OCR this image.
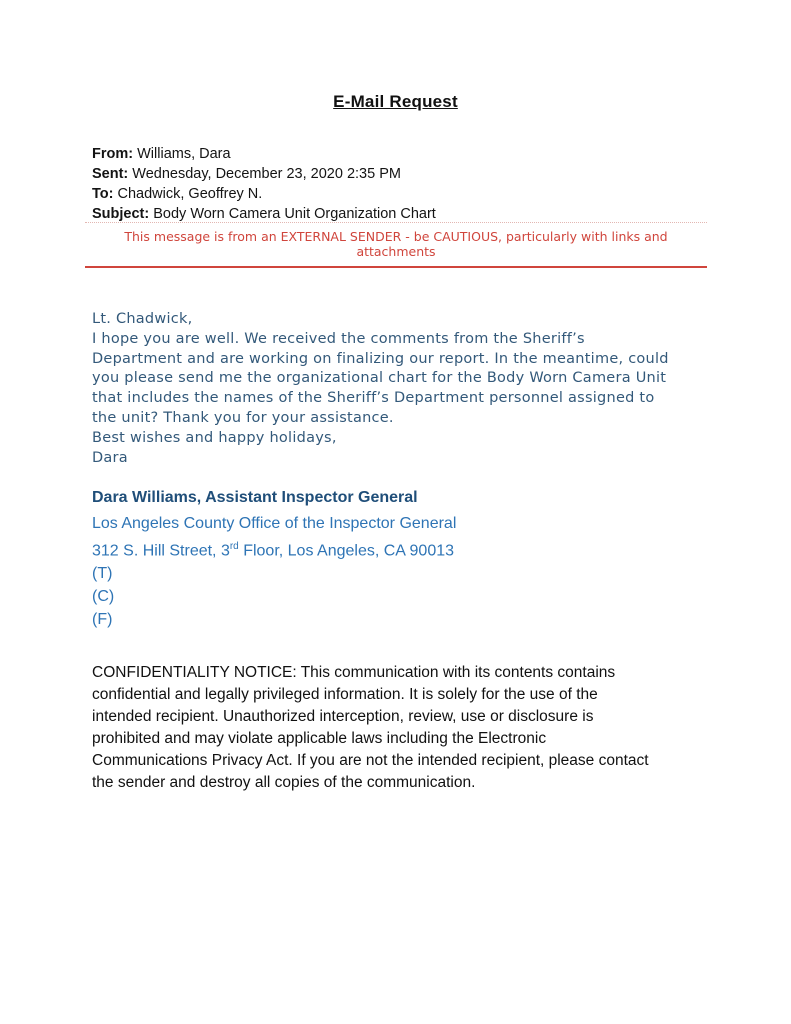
E-Mail Request
From: Williams, Dara
Sent: Wednesday, December 23, 2020 2:35 PM
To: Chadwick, Geoffrey N.
Subject: Body Worn Camera Unit Organization Chart
This message is from an EXTERNAL SENDER - be CAUTIOUS, particularly with links and attachments
Lt. Chadwick,
I hope you are well. We received the comments from the Sheriff’s
Department and are working on finalizing our report. In the meantime, could
you please send me the organizational chart for the Body Worn Camera Unit
that includes the names of the Sheriff’s Department personnel assigned to
the unit? Thank you for your assistance.
Best wishes and happy holidays,
Dara
Dara Williams, Assistant Inspector General
Los Angeles County Office of the Inspector General
312 S. Hill Street, 3rd Floor, Los Angeles, CA 90013
(T)
(C)
(F)
CONFIDENTIALITY NOTICE: This communication with its contents contains
confidential and legally privileged information. It is solely for the use of the
intended recipient. Unauthorized interception, review, use or disclosure is
prohibited and may violate applicable laws including the Electronic
Communications Privacy Act. If you are not the intended recipient, please contact
the sender and destroy all copies of the communication.
